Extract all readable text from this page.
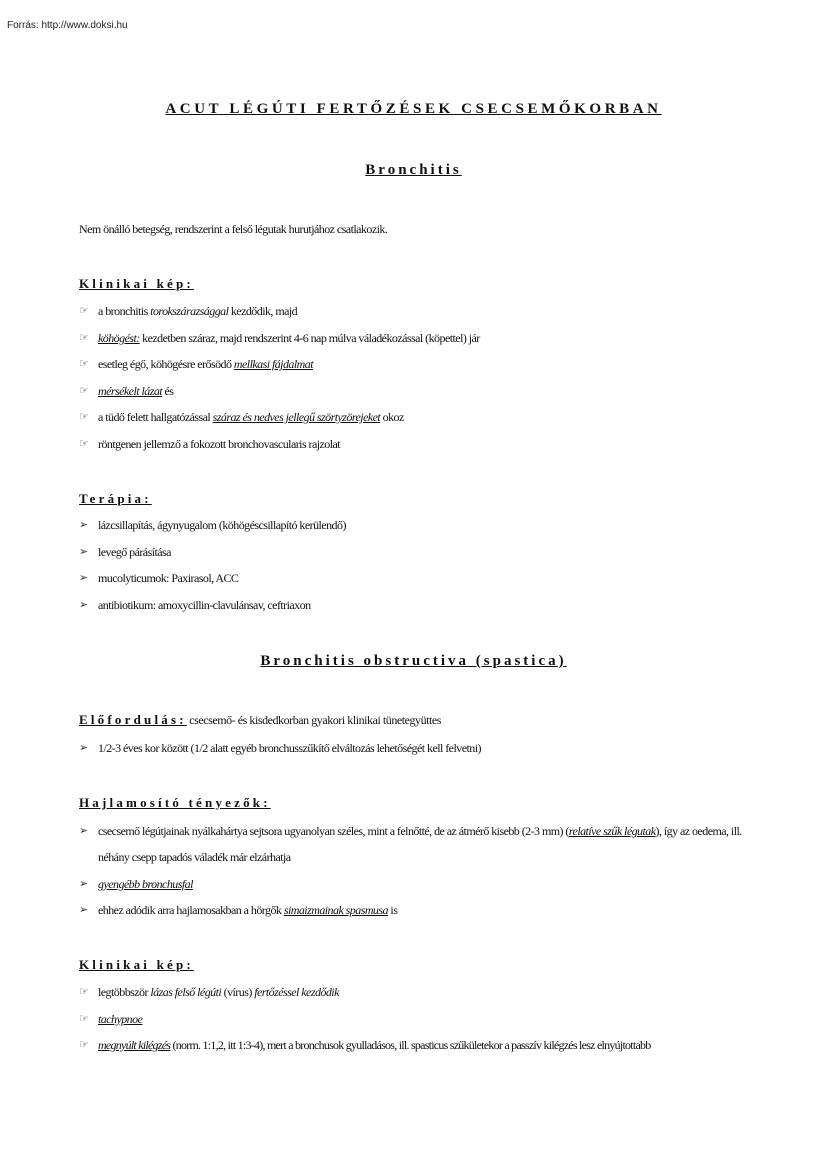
Forrás: http://www.doksi.hu
ACUT LÉGÚTI FERTŐZÉSEK CSECSEMŐKORBAN
Bronchitis
Nem önálló betegség, rendszerint a felső légutak hurutjához csatlakozik.
Klinikai kép:
☞ a bronchitis torokszárazsággal kezdődik, majd
☞ köhögést: kezdetben száraz, majd rendszerint 4-6 nap múlva váladékozással (köpettel) jár
☞ esetleg égő, köhögésre erősödő mellkasi fájdalmat
☞ mérsékelt lázat és
☞ a tüdő felett hallgatózással száraz és nedves jellegű szörtyzörejeket okoz
☞ röntgenen jellemző a fokozott bronchovascularis rajzolat
Terápia:
➢ lázcsillapítás, ágynyugalom (köhögéscsillapító kerülendő)
➢ levegő párásítása
➢ mucolyticumok: Paxirasol, ACC
➢ antibiotikum: amoxycillin-clavulánsav, ceftriaxon
Bronchitis obstructiva (spastica)
Előfordulás: csecsemő- és kisdedkorban gyakori klinikai tünetegyüttes
➢ 1/2-3 éves kor között (1/2 alatt egyéb bronchusszűkítő elváltozás lehetőségét kell felvetni)
Hajlamosító tényezők:
➢ csecsemő légútjainak nyálkahártya sejtsora ugyanolyan széles, mint a felnőtté, de az átmérő kisebb (2-3 mm) (relatíve szűk légutak), így az oedema, ill. néhány csepp tapadós váladék már elzárhatja
➢ gyengébb bronchusfal
➢ ehhez adódik arra hajlamosakban a hörgők simaizmainak spasmusa is
Klinikai kép:
☞ legtöbbször lázas felső légúti (vírus) fertőzéssel kezdődik
☞ tachypnoe
☞ megnyúlt kilégzés (norm. 1:1,2, itt 1:3-4), mert a bronchusok gyulladásos, ill. spasticus szűkületekor a passzív kilégzés lesz elnyújtottabb
